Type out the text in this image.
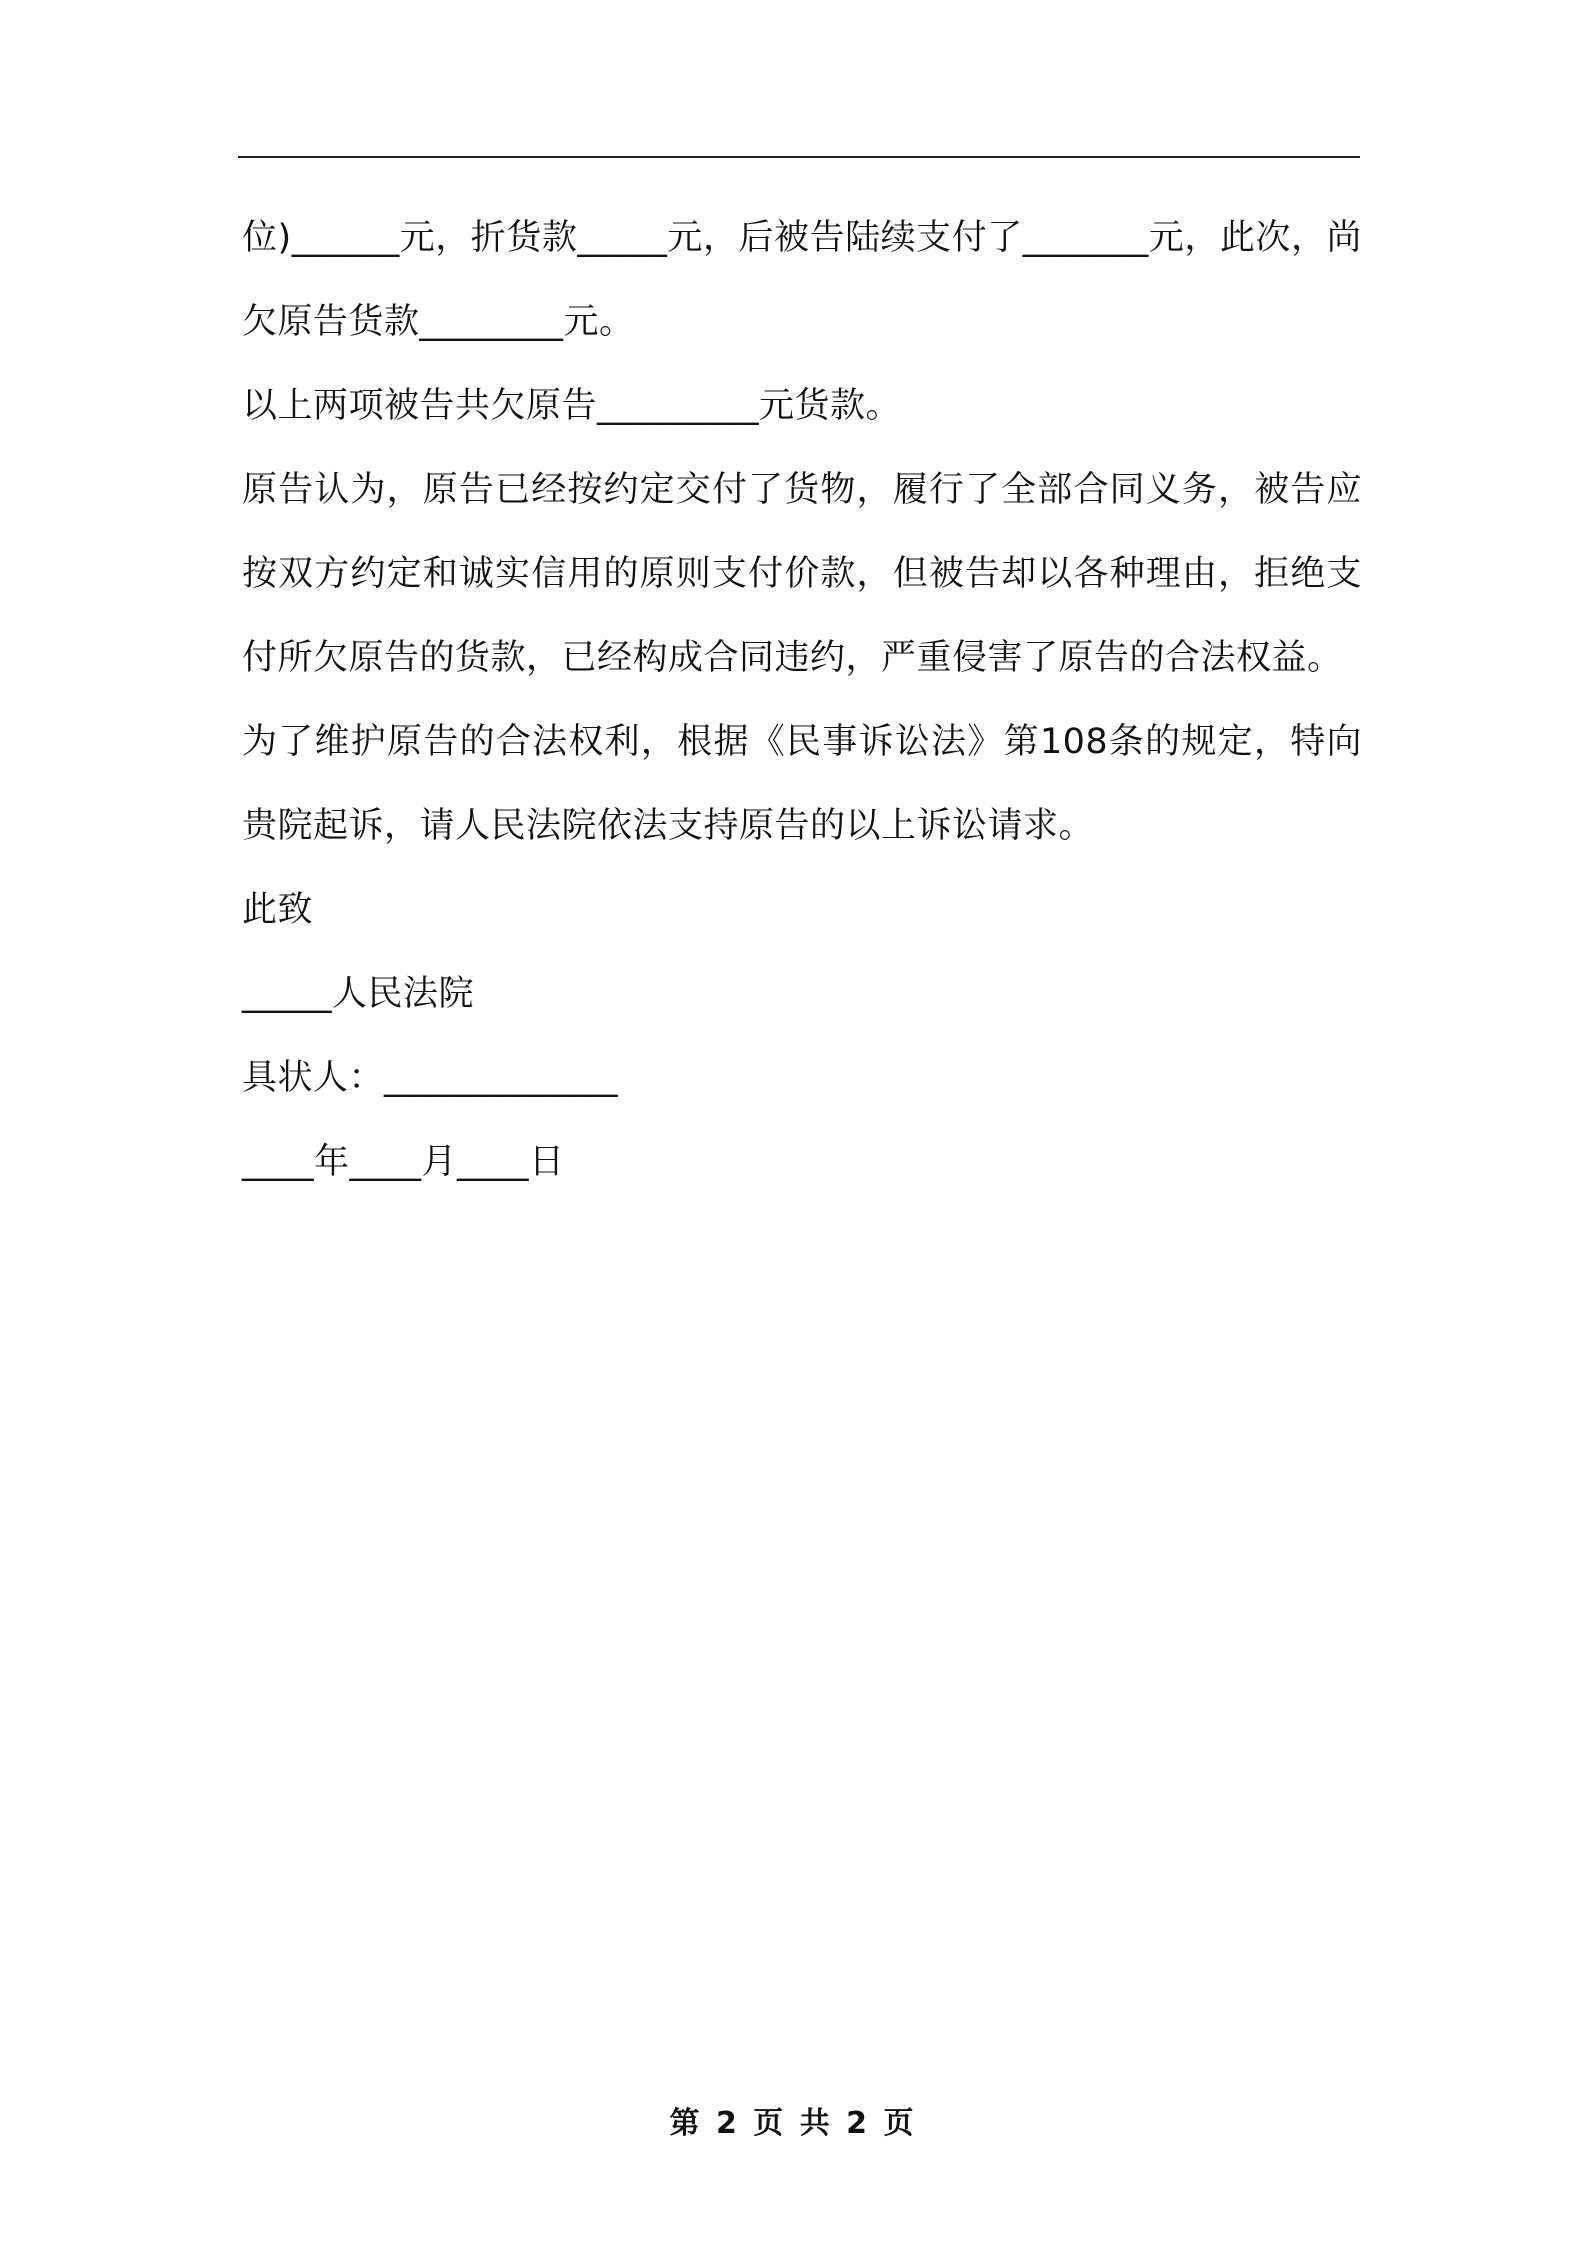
位)______元，折货款_____元，后被告陆续支付了_______元，此次，尚欠原告货款________元。

以上两项被告共欠原告_________元货款。

原告认为，原告已经按约定交付了货物，履行了全部合同义务，被告应按双方约定和诚实信用的原则支付价款，但被告却以各种理由，拒绝支付所欠原告的货款，已经构成合同违约，严重侵害了原告的合法权益。

为了维护原告的合法权利，根据《民事诉讼法》第108条的规定，特向贵院起诉，请人民法院依法支持原告的以上诉讼请求。

此致

_____人民法院

具状人：_____________

____年____月____日

第 2 页 共 2 页
